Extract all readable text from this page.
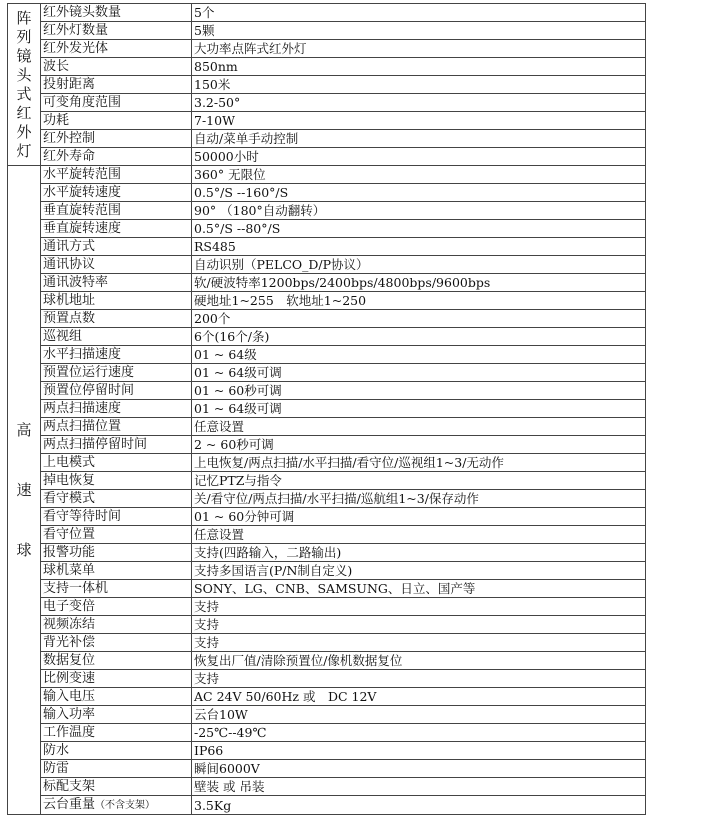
阵列镜头式红外灯	红外镜头数量	5个
	红外灯数量	5颗
	红外发光体	大功率点阵式红外灯
	波长	850nm
	投射距离	150米
	可变角度范围	3.2-50°
	功耗	7-10W
	红外控制	自动/菜单手动控制
	红外寿命	50000小时

高速球	水平旋转范围	360° 无限位
	水平旋转速度	0.5°/S --160°/S
	垂直旋转范围	90° （180°自动翻转）
	垂直旋转速度	0.5°/S --80°/S
	通讯方式	RS485
	通讯协议	自动识别（PELCO_D/P协议）
	通讯波特率	软/硬波特率1200bps/2400bps/4800bps/9600bps
	球机地址	硬地址1~255　软地址1~250
	预置点数	200个
	巡视组	6个(16个/条)
	水平扫描速度	01 ~ 64级
	预置位运行速度	01 ~ 64级可调
	预置位停留时间	01 ~ 60秒可调
	两点扫描速度	01 ~ 64级可调
	两点扫描位置	任意设置
	两点扫描停留时间	2 ~ 60秒可调
	上电模式	上电恢复/两点扫描/水平扫描/看守位/巡视组1~3/无动作
	掉电恢复	记忆PTZ与指令
	看守模式	关/看守位/两点扫描/水平扫描/巡航组1~3/保存动作
	看守等待时间	01 ~ 60分钟可调
	看守位置	任意设置
	报警功能	支持(四路输入，二路输出)
	球机菜单	支持多国语言(P/N制自定义)
	支持一体机	SONY、LG、CNB、SAMSUNG、日立、国产等
	电子变倍	支持
	视频冻结	支持
	背光补偿	支持
	数据复位	恢复出厂值/清除预置位/像机数据复位
	比例变速	支持
	输入电压	AC 24V 50/60Hz 或　DC 12V
	输入功率	云台10W
	工作温度	-25℃--49℃
	防水	IP66
	防雷	瞬间6000V
	标配支架	壁装 或 吊装
	云台重量（不含支架）	3.5Kg
